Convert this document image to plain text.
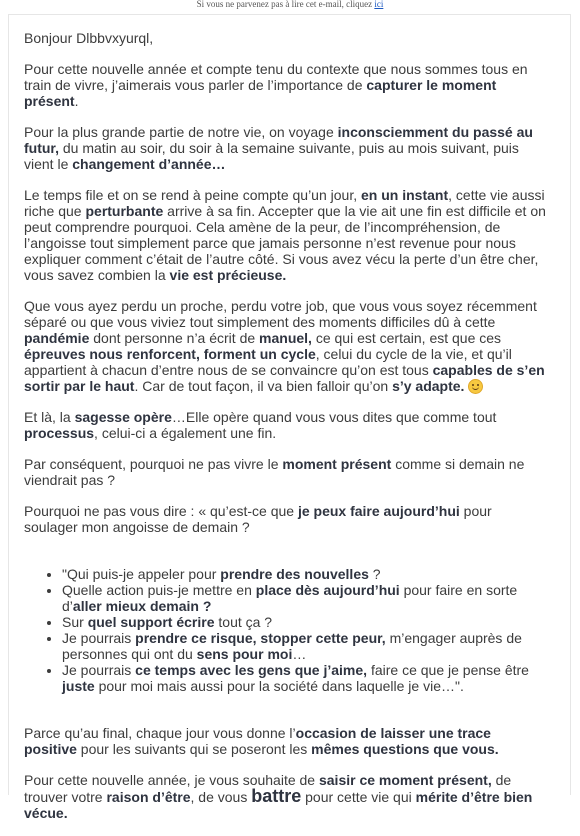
Si vous ne parvenez pas à lire cet e-mail, cliquez ici

Bonjour Dlbbvxyurql,

Pour cette nouvelle année et compte tenu du contexte que nous sommes tous en train de vivre, j’aimerais vous parler de l’importance de capturer le moment présent.

Pour la plus grande partie de notre vie, on voyage inconsciemment du passé au futur, du matin au soir, du soir à la semaine suivante, puis au mois suivant, puis vient le changement d’année…

Le temps file et on se rend à peine compte qu’un jour, en un instant, cette vie aussi riche que perturbante arrive à sa fin. Accepter que la vie ait une fin est difficile et on peut comprendre pourquoi. Cela amène de la peur, de l’incompréhension, de l’angoisse tout simplement parce que jamais personne n’est revenue pour nous expliquer comment c’était de l’autre côté. Si vous avez vécu la perte d’un être cher, vous savez combien la vie est précieuse.

Que vous ayez perdu un proche, perdu votre job, que vous vous soyez récemment séparé ou que vous viviez tout simplement des moments difficiles dû à cette pandémie dont personne n’a écrit de manuel, ce qui est certain, est que ces épreuves nous renforcent, forment un cycle, celui du cycle de la vie, et qu’il appartient à chacun d’entre nous de se convaincre qu’on est tous capables de s’en sortir par le haut. Car de tout façon, il va bien falloir qu’on s’y adapte.

Et là, la sagesse opère…Elle opère quand vous vous dites que comme tout processus, celui-ci a également une fin.

Par conséquent, pourquoi ne pas vivre le moment présent comme si demain ne viendrait pas ?

Pourquoi ne pas vous dire : « qu’est-ce que je peux faire aujourd’hui pour soulager mon angoisse de demain ?

• "Qui puis-je appeler pour prendre des nouvelles ?
• Quelle action puis-je mettre en place dès aujourd’hui pour faire en sorte d’aller mieux demain ?
• Sur quel support écrire tout ça ?
• Je pourrais prendre ce risque, stopper cette peur, m’engager auprès de personnes qui ont du sens pour moi…
• Je pourrais ce temps avec les gens que j’aime, faire ce que je pense être juste pour moi mais aussi pour la société dans laquelle je vie…".

Parce qu’au final, chaque jour vous donne l’occasion de laisser une trace positive pour les suivants qui se poseront les mêmes questions que vous.

Pour cette nouvelle année, je vous souhaite de saisir ce moment présent, de trouver votre raison d’être, de vous battre pour cette vie qui mérite d’être bien vécue.
